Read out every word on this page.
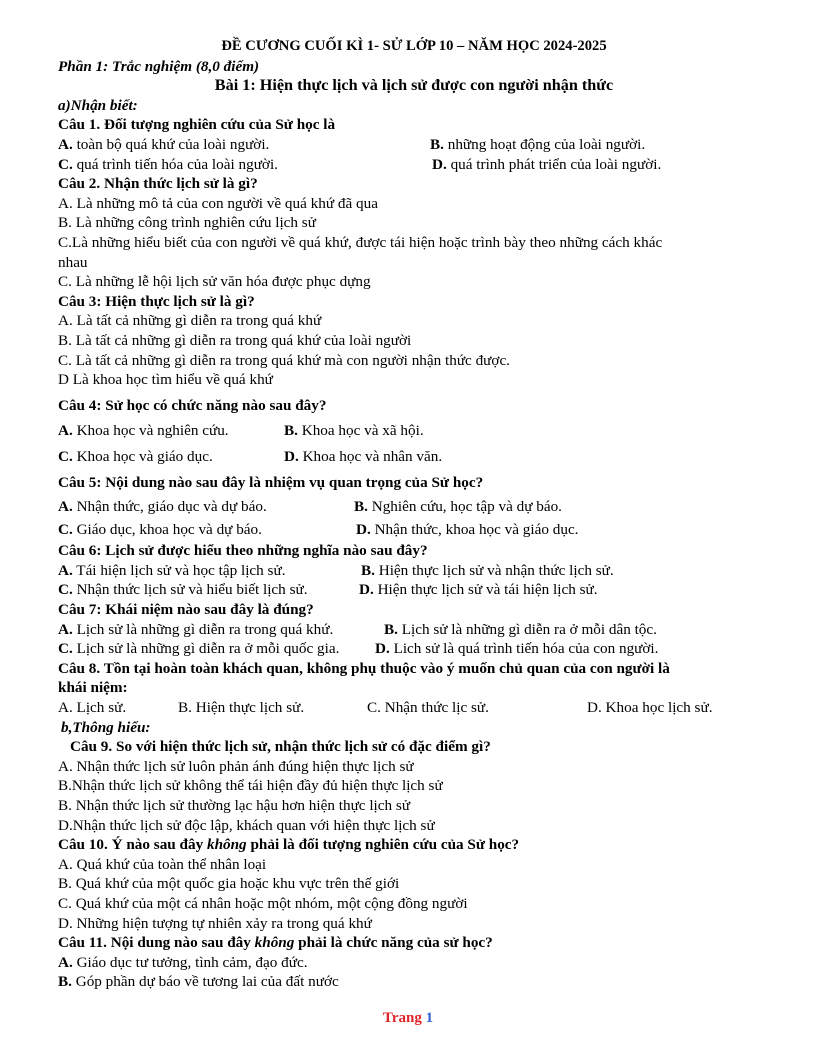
ĐỀ CƯƠNG CUỐI KÌ 1- SỬ LỚP 10 – NĂM HỌC 2024-2025
Phần 1: Trắc nghiệm (8,0 điểm)
Bài 1: Hiện thực lịch và lịch sử được con người nhận thức
a)Nhận biết:
Câu 1. Đối tượng nghiên cứu của Sử học là
A. toàn bộ quá khứ của loài người.	B. những hoạt động của loài người.
C. quá trình tiến hóa của loài người.	D. quá trình phát triển của loài người.
Câu 2. Nhận thức lịch sử là gì?
A. Là những mô tả của con người về quá khứ đã qua
B. Là những công trình nghiên cứu lịch sử
C.Là những hiểu biết của con người về quá khứ, được tái hiện hoặc trình bày theo những cách khác
nhau
C. Là những lễ hội lịch sử văn hóa được phục dựng
Câu 3: Hiện thực lịch sử là gì?
A. Là tất cả những gì diễn ra trong quá khứ
B. Là tất cả những gì diễn ra trong quá khứ của loài người
C. Là tất cả những gì diễn ra trong quá khứ mà con người nhận thức được.
D Là khoa học tìm hiểu về quá khứ
Câu 4: Sử học có chức năng nào sau đây?
A. Khoa học và nghiên cứu.	B. Khoa học và xã hội.
C. Khoa học và giáo dục.	D. Khoa học và nhân văn.
Câu 5: Nội dung nào sau đây là nhiệm vụ quan trọng của Sử học?
A. Nhận thức, giáo dục và dự báo.	B. Nghiên cứu, học tập và dự báo.
C. Giáo dục, khoa học và dự báo.	D. Nhận thức, khoa học và giáo dục.
Câu 6: Lịch sử được hiểu theo những nghĩa nào sau đây?
A. Tái hiện lịch sử và học tập lịch sử.	B. Hiện thực lịch sử và nhận thức lịch sử.
C. Nhận thức lịch sử và hiểu biết lịch sử.	D. Hiện thực lịch sử và tái hiện lịch sử.
Câu 7: Khái niệm nào sau đây là đúng?
A. Lịch sử là những gì diễn ra trong quá khứ.	B. Lịch sử là những gì diễn ra ở mỗi dân tộc.
C. Lịch sử là những gì diễn ra ở mỗi quốc gia.	D. Lich sử là quá trình tiến hóa của con người.
Câu 8. Tồn tại hoàn toàn khách quan, không phụ thuộc vào ý muốn chủ quan của con người là
khái niệm:
A. Lịch sử.	B. Hiện thực lịch sử.	C. Nhận thức lịc sử.	D. Khoa học lịch sử.
b,Thông hiểu:
Câu 9. So với hiện thức lịch sử, nhận thức lịch sử có đặc điểm gì?
A. Nhận thức lịch sử luôn phản ánh đúng hiện thực lịch sử
B.Nhận thức lịch sử không thể tái hiện đầy đủ hiện thực lịch sử
B. Nhận thức lịch sử thường lạc hậu hơn hiện thực lịch sử
D.Nhận thức lịch sử độc lập, khách quan với hiện thực lịch sử
Câu 10. Ý nào sau đây không phải là đối tượng nghiên cứu của Sử học?
A. Quá khứ của toàn thể nhân loại
B. Quá khứ của một quốc gia hoặc khu vực trên thế giới
C. Quá khứ của một cá nhân hoặc một nhóm, một cộng đồng người
D. Những hiện tượng tự nhiên xảy ra trong quá khứ
Câu 11. Nội dung nào sau đây không phải là chức năng của sử học?
A. Giáo dục tư tưởng, tình cảm, đạo đức.
B. Góp phần dự báo về tương lai của đất nước
Trang 1
